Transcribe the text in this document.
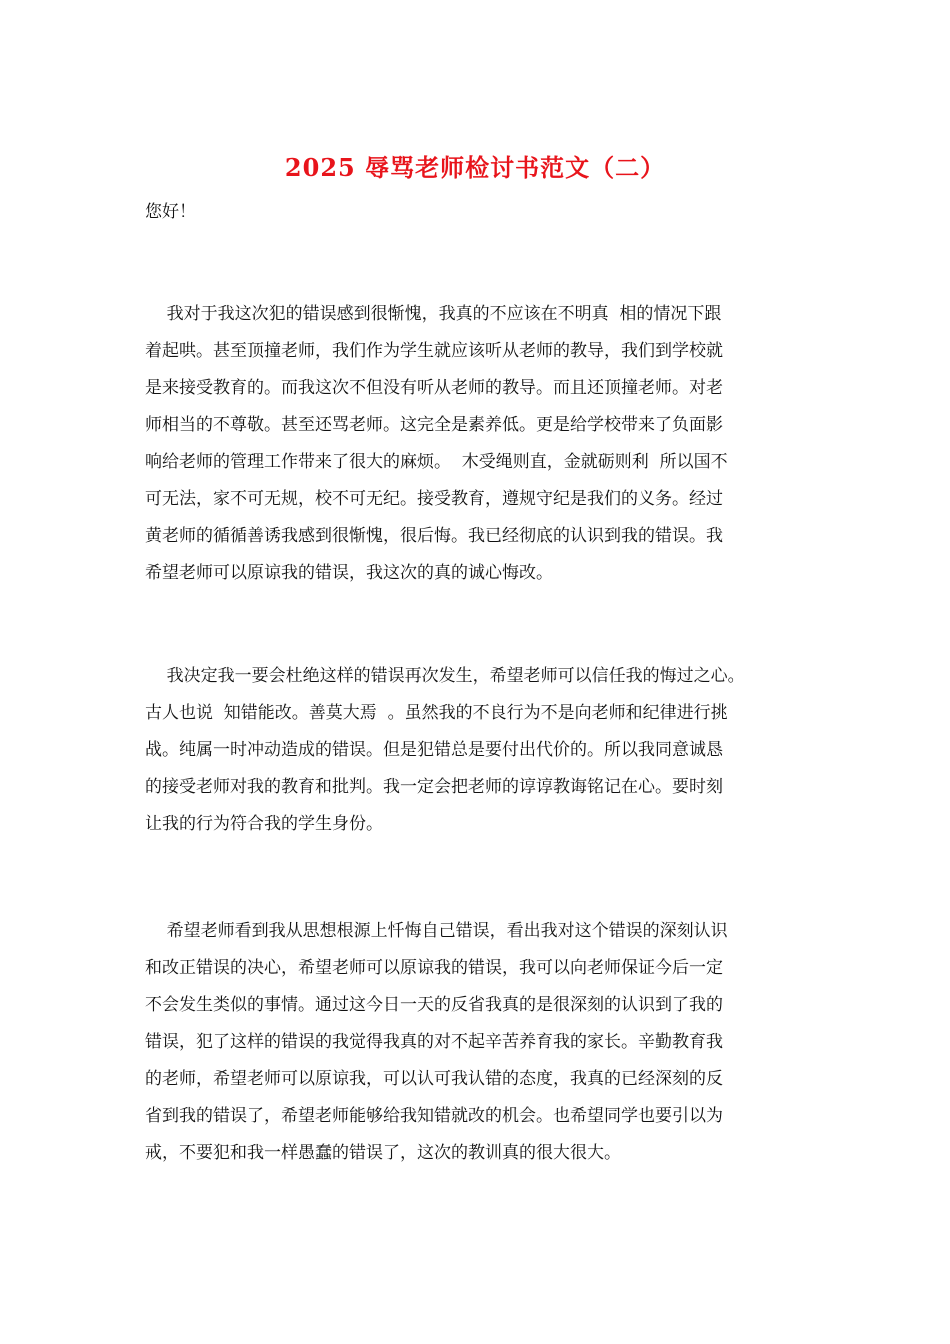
2025 辱骂老师检讨书范文（二）
您好！
我对于我这次犯的错误感到很惭愧，我真的不应该在不明真  相的情况下跟
着起哄。甚至顶撞老师，我们作为学生就应该听从老师的教导，我们到学校就
是来接受教育的。而我这次不但没有听从老师的教导。而且还顶撞老师。对老
师相当的不尊敬。甚至还骂老师。这完全是素养低。更是给学校带来了负面影
响给老师的管理工作带来了很大的麻烦。  木受绳则直，金就砺则利  所以国不
可无法，家不可无规，校不可无纪。接受教育，遵规守纪是我们的义务。经过
黄老师的循循善诱我感到很惭愧，很后悔。我已经彻底的认识到我的错误。我
希望老师可以原谅我的错误，我这次的真的诚心悔改。
我决定我一要会杜绝这样的错误再次发生，希望老师可以信任我的悔过之心。
古人也说  知错能改。善莫大焉  。虽然我的不良行为不是向老师和纪律进行挑
战。纯属一时冲动造成的错误。但是犯错总是要付出代价的。所以我同意诚恳
的接受老师对我的教育和批判。我一定会把老师的谆谆教诲铭记在心。要时刻
让我的行为符合我的学生身份。
希望老师看到我从思想根源上忏悔自己错误，看出我对这个错误的深刻认识
和改正错误的决心，希望老师可以原谅我的错误，我可以向老师保证今后一定
不会发生类似的事情。通过这今日一天的反省我真的是很深刻的认识到了我的
错误，犯了这样的错误的我觉得我真的对不起辛苦养育我的家长。辛勤教育我
的老师，希望老师可以原谅我，可以认可我认错的态度，我真的已经深刻的反
省到我的错误了，希望老师能够给我知错就改的机会。也希望同学也要引以为
戒，不要犯和我一样愚蠢的错误了，这次的教训真的很大很大。
